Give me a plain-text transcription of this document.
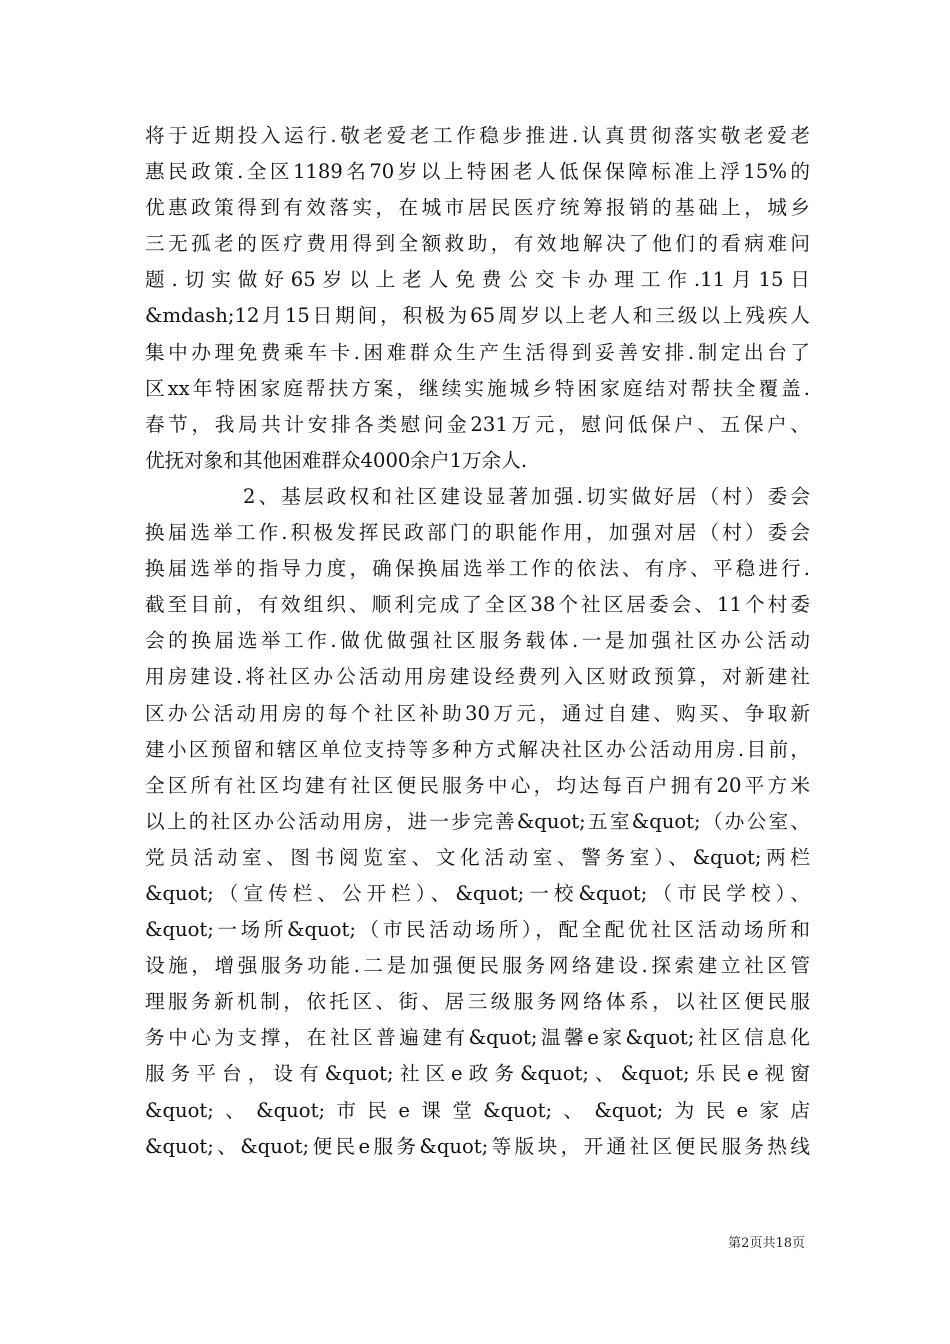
将于近期投入运行.敬老爱老工作稳步推进.认真贯彻落实敬老爱老
惠民政策.全区1189名70岁以上特困老人低保保障标准上浮15%的
优惠政策得到有效落实，在城市居民医疗统筹报销的基础上，城乡
三无孤老的医疗费用得到全额救助，有效地解决了他们的看病难问
题.切实做好65岁以上老人免费公交卡办理工作.11月15日
&mdash;12月15日期间，积极为65周岁以上老人和三级以上残疾人
集中办理免费乘车卡.困难群众生产生活得到妥善安排.制定出台了
区xx年特困家庭帮扶方案，继续实施城乡特困家庭结对帮扶全覆盖.
春节，我局共计安排各类慰问金231万元，慰问低保户、五保户、
优抚对象和其他困难群众4000余户1万余人.
2、基层政权和社区建设显著加强.切实做好居（村）委会
换届选举工作.积极发挥民政部门的职能作用，加强对居（村）委会
换届选举的指导力度，确保换届选举工作的依法、有序、平稳进行.
截至目前，有效组织、顺利完成了全区38个社区居委会、11个村委
会的换届选举工作.做优做强社区服务载体.一是加强社区办公活动
用房建设.将社区办公活动用房建设经费列入区财政预算，对新建社
区办公活动用房的每个社区补助30万元，通过自建、购买、争取新
建小区预留和辖区单位支持等多种方式解决社区办公活动用房.目前，
全区所有社区均建有社区便民服务中心，均达每百户拥有20平方米
以上的社区办公活动用房，进一步完善&quot;五室&quot;（办公室、
党员活动室、图书阅览室、文化活动室、警务室）、&quot;两栏
&quot;（宣传栏、公开栏）、&quot;一校&quot;（市民学校）、
&quot;一场所&quot;（市民活动场所），配全配优社区活动场所和
设施，增强服务功能.二是加强便民服务网络建设.探索建立社区管
理服务新机制，依托区、街、居三级服务网络体系，以社区便民服
务中心为支撑，在社区普遍建有&quot;温馨e家&quot;社区信息化
服务平台，设有&quot;社区e政务&quot;、&quot;乐民e视窗
&quot;、&quot;市民e课堂&quot;、&quot;为民e家店
&quot;、&quot;便民e服务&quot;等版块，开通社区便民服务热线
第2页共18页
